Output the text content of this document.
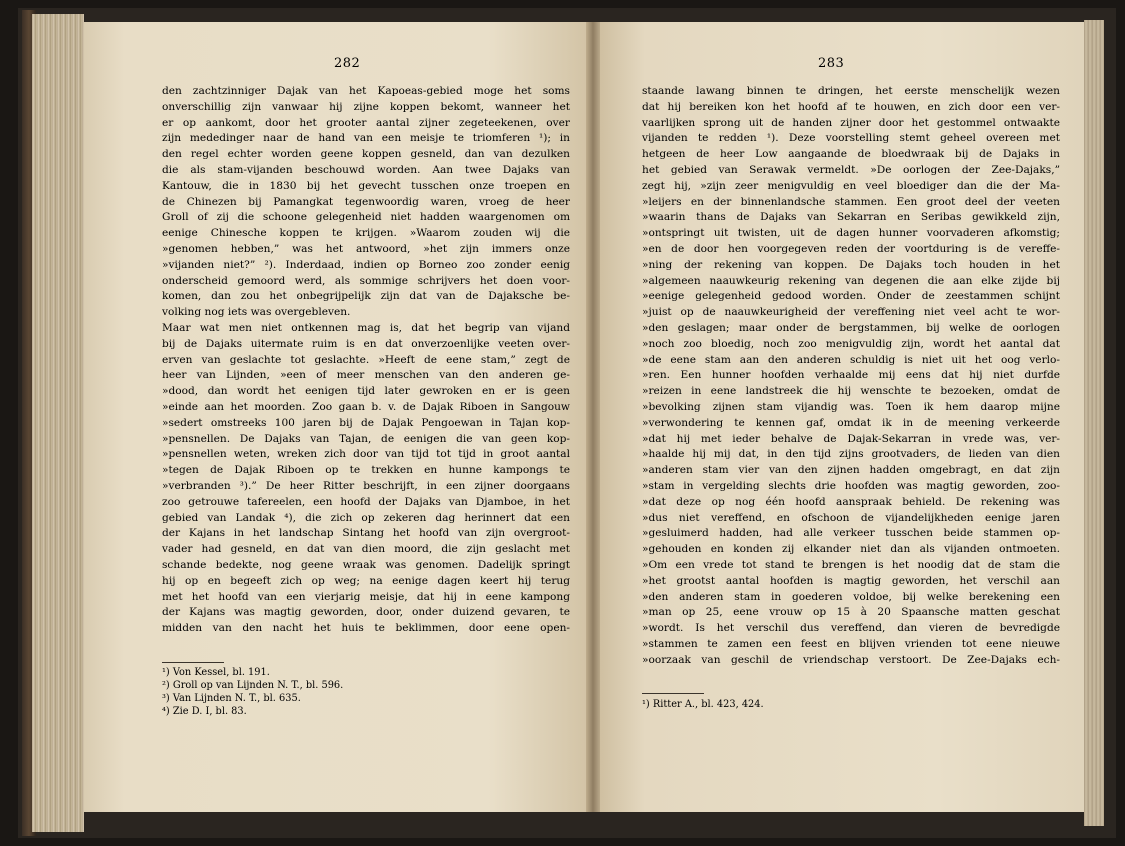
282
den zachtzinniger Dajak van het Kapoeas-gebied moge het soms
onverschillig zijn vanwaar hij zijne koppen bekomt, wanneer het
er op aankomt, door het grooter aantal zijner zegeteekenen, over
zijn mededinger naar de hand van een meisje te triomferen ¹); in
den regel echter worden geene koppen gesneld, dan van dezulken
die als stam-vijanden beschouwd worden. Aan twee Dajaks van
Kantouw, die in 1830 bij het gevecht tusschen onze troepen en
de Chinezen bij Pamangkat tegenwoordig waren, vroeg de heer
Groll of zij die schoone gelegenheid niet hadden waargenomen om
eenige Chinesche koppen te krijgen. »Waarom zouden wij die
»genomen hebben,” was het antwoord, »het zijn immers onze
»vijanden niet?” ²). Inderdaad, indien op Borneo zoo zonder eenig
onderscheid gemoord werd, als sommige schrijvers het doen voor-
komen, dan zou het onbegrijpelijk zijn dat van de Dajaksche be-
volking nog iets was overgebleven.
Maar wat men niet ontkennen mag is, dat het begrip van vijand
bij de Dajaks uitermate ruim is en dat onverzoenlijke veeten over-
erven van geslachte tot geslachte. »Heeft de eene stam,” zegt de
heer van Lijnden, »een of meer menschen van den anderen ge-
»dood, dan wordt het eenigen tijd later gewroken en er is geen
»einde aan het moorden. Zoo gaan b. v. de Dajak Riboen in Sangouw
»sedert omstreeks 100 jaren bij de Dajak Pengoewan in Tajan kop-
»pensnellen. De Dajaks van Tajan, de eenigen die van geen kop-
»pensnellen weten, wreken zich door van tijd tot tijd in groot aantal
»tegen de Dajak Riboen op te trekken en hunne kampongs te
»verbranden ³).” De heer Ritter beschrijft, in een zijner doorgaans
zoo getrouwe tafereelen, een hoofd der Dajaks van Djamboe, in het
gebied van Landak ⁴), die zich op zekeren dag herinnert dat een
der Kajans in het landschap Sintang het hoofd van zijn overgroot-
vader had gesneld, en dat van dien moord, die zijn geslacht met
schande bedekte, nog geene wraak was genomen. Dadelijk springt
hij op en begeeft zich op weg; na eenige dagen keert hij terug
met het hoofd van een vierjarig meisje, dat hij in eene kampong
der Kajans was magtig geworden, door, onder duizend gevaren, te
midden van den nacht het huis te beklimmen, door eene open-
¹) Von Kessel, bl. 191.
²) Groll op van Lijnden N. T., bl. 596.
³) Van Lijnden N. T., bl. 635.
⁴) Zie D. I, bl. 83.
283
staande lawang binnen te dringen, het eerste menschelijk wezen
dat hij bereiken kon het hoofd af te houwen, en zich door een ver-
vaarlijken sprong uit de handen zijner door het gestommel ontwaakte
vijanden te redden ¹). Deze voorstelling stemt geheel overeen met
hetgeen de heer Low aangaande de bloedwraak bij de Dajaks in
het gebied van Serawak vermeldt. »De oorlogen der Zee-Dajaks,”
zegt hij, »zijn zeer menigvuldig en veel bloediger dan die der Ma-
»leijers en der binnenlandsche stammen. Een groot deel der veeten
»waarin thans de Dajaks van Sekarran en Seribas gewikkeld zijn,
»ontspringt uit twisten, uit de dagen hunner voorvaderen afkomstig;
»en de door hen voorgegeven reden der voortduring is de vereffe-
»ning der rekening van koppen. De Dajaks toch houden in het
»algemeen naauwkeurig rekening van degenen die aan elke zijde bij
»eenige gelegenheid gedood worden. Onder de zeestammen schijnt
»juist op de naauwkeurigheid der vereffening niet veel acht te wor-
»den geslagen; maar onder de bergstammen, bij welke de oorlogen
»noch zoo bloedig, noch zoo menigvuldig zijn, wordt het aantal dat
»de eene stam aan den anderen schuldig is niet uit het oog verlo-
»ren. Een hunner hoofden verhaalde mij eens dat hij niet durfde
»reizen in eene landstreek die hij wenschte te bezoeken, omdat de
»bevolking zijnen stam vijandig was. Toen ik hem daarop mijne
»verwondering te kennen gaf, omdat ik in de meening verkeerde
»dat hij met ieder behalve de Dajak-Sekarran in vrede was, ver-
»haalde hij mij dat, in den tijd zijns grootvaders, de lieden van dien
»anderen stam vier van den zijnen hadden omgebragt, en dat zijn
»stam in vergelding slechts drie hoofden was magtig geworden, zoo-
»dat deze op nog één hoofd aanspraak behield. De rekening was
»dus niet vereffend, en ofschoon de vijandelijkheden eenige jaren
»gesluimerd hadden, had alle verkeer tusschen beide stammen op-
»gehouden en konden zij elkander niet dan als vijanden ontmoeten.
»Om een vrede tot stand te brengen is het noodig dat de stam die
»het grootst aantal hoofden is magtig geworden, het verschil aan
»den anderen stam in goederen voldoe, bij welke berekening een
»man op 25, eene vrouw op 15 à 20 Spaansche matten geschat
»wordt. Is het verschil dus vereffend, dan vieren de bevredigde
»stammen te zamen een feest en blijven vrienden tot eene nieuwe
»oorzaak van geschil de vriendschap verstoort. De Zee-Dajaks ech-
¹) Ritter A., bl. 423, 424.
